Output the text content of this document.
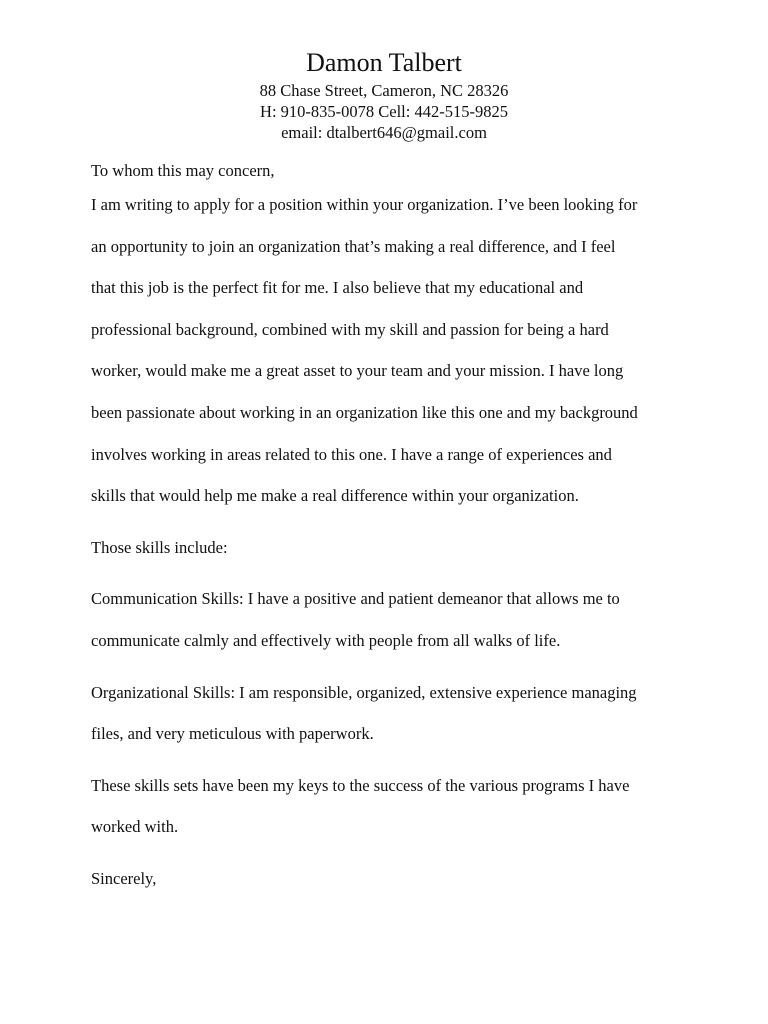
Damon Talbert

88 Chase Street, Cameron, NC 28326

H: 910-835-0078 Cell: 442-515-9825

email: dtalbert646@gmail.com

To whom this may concern,

I am writing to apply for a position within your organization. I’ve been looking for
an opportunity to join an organization that’s making a real difference, and I feel
that this job is the perfect fit for me. I also believe that my educational and
professional background, combined with my skill and passion for being a hard
worker, would make me a great asset to your team and your mission. I have long
been passionate about working in an organization like this one and my background
involves working in areas related to this one. I have a range of experiences and
skills that would help me make a real difference within your organization.

Those skills include:

Communication Skills: I have a positive and patient demeanor that allows me to
communicate calmly and effectively with people from all walks of life.

Organizational Skills: I am responsible, organized, extensive experience managing
files, and very meticulous with paperwork.

These skills sets have been my keys to the success of the various programs I have
worked with.

Sincerely,
